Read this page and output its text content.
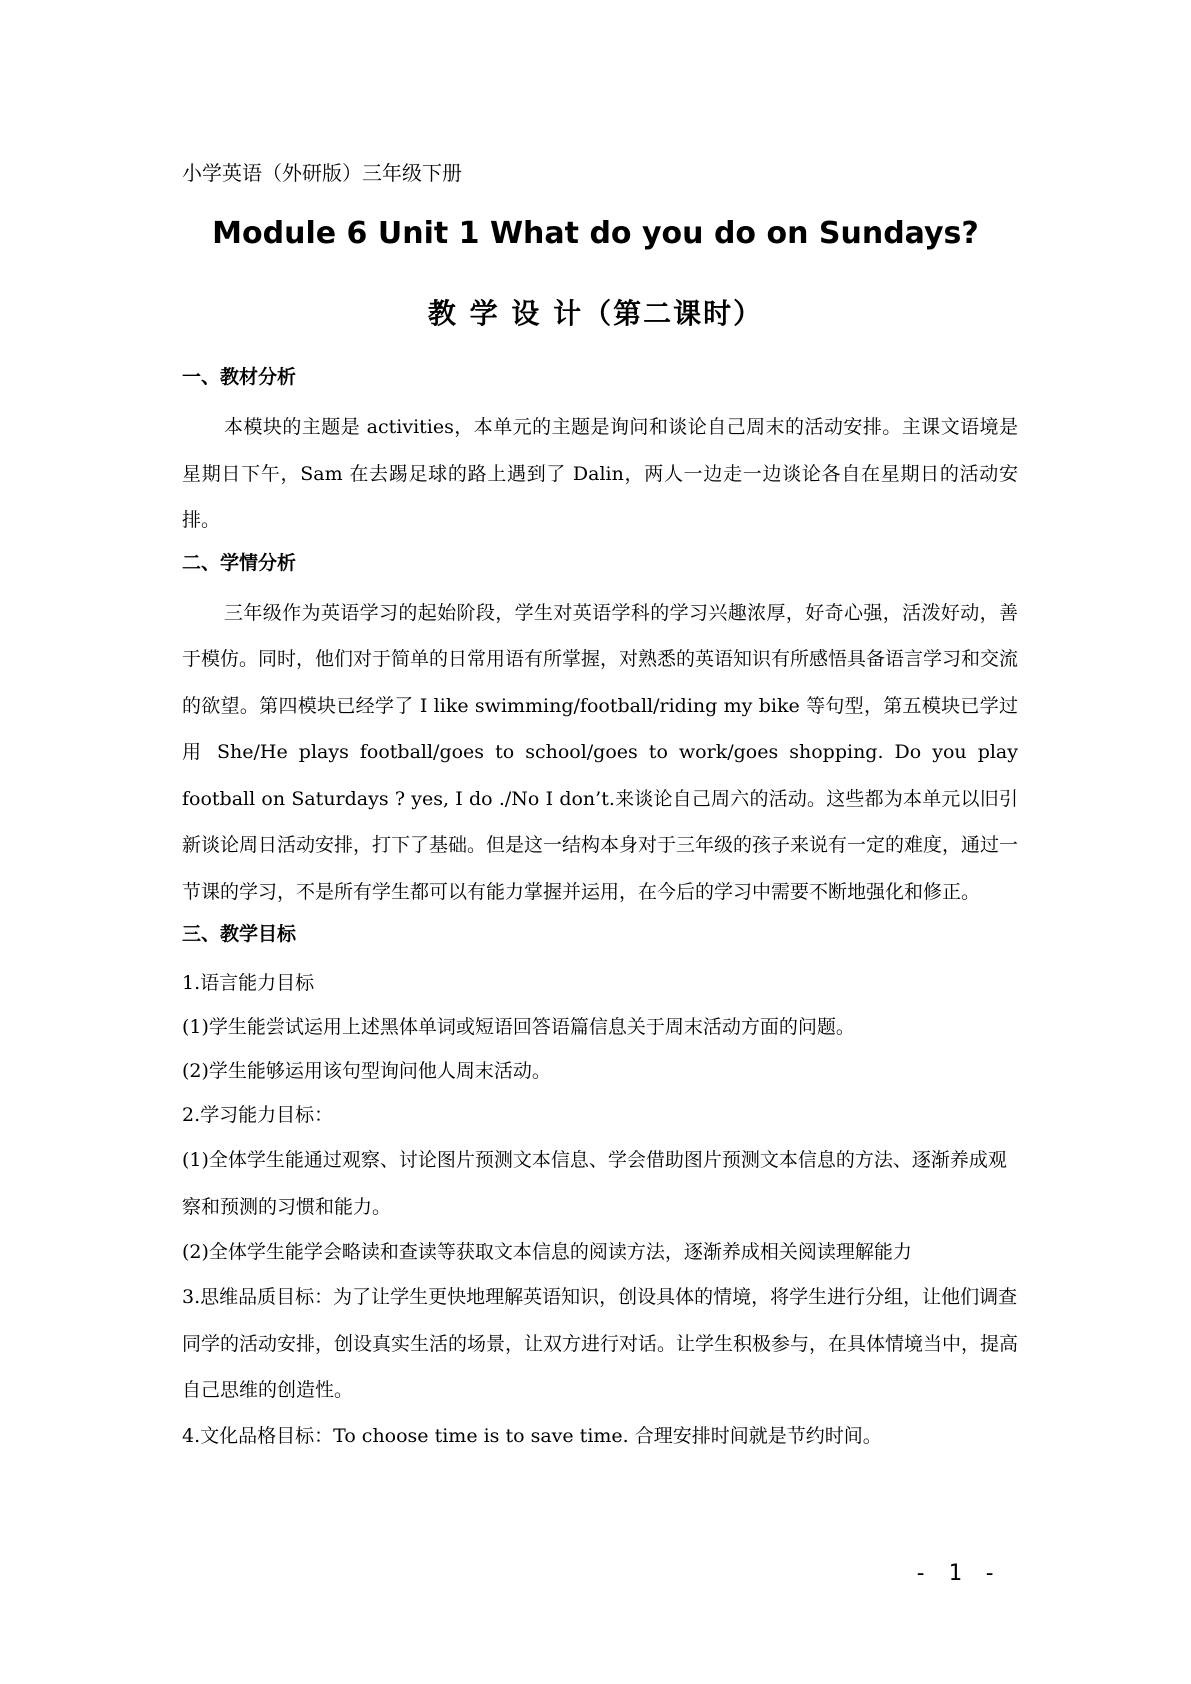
小学英语（外研版）三年级下册
Module 6 Unit 1 What do you do on Sundays?
教 学 设 计（第二课时）
一、教材分析

本模块的主题是 activities，本单元的主题是询问和谈论自己周末的活动安排。主课文语境是星期日下午，Sam 在去踢足球的路上遇到了 Dalin，两人一边走一边谈论各自在星期日的活动安排。

二、学情分析

三年级作为英语学习的起始阶段，学生对英语学科的学习兴趣浓厚，好奇心强，活泼好动，善于模仿。同时，他们对于简单的日常用语有所掌握，对熟悉的英语知识有所感悟具备语言学习和交流的欲望。第四模块已经学了 I like swimming/football/riding my bike 等句型，第五模块已学过用 She/He plays football/goes to school/goes to work/goes shopping. Do you play football on Saturdays ? yes, I do ./No I don’t.来谈论自己周六的活动。这些都为本单元以旧引新谈论周日活动安排，打下了基础。但是这一结构本身对于三年级的孩子来说有一定的难度，通过一节课的学习，不是所有学生都可以有能力掌握并运用，在今后的学习中需要不断地强化和修正。

三、教学目标

1.语言能力目标

(1)学生能尝试运用上述黑体单词或短语回答语篇信息关于周末活动方面的问题。

(2)学生能够运用该句型询问他人周末活动。

2.学习能力目标：

(1)全体学生能通过观察、讨论图片预测文本信息、学会借助图片预测文本信息的方法、逐渐养成观察和预测的习惯和能力。

(2)全体学生能学会略读和查读等获取文本信息的阅读方法，逐渐养成相关阅读理解能力

3.思维品质目标：为了让学生更快地理解英语知识，创设具体的情境，将学生进行分组，让他们调查同学的活动安排，创设真实生活的场景，让双方进行对话。让学生积极参与，在具体情境当中，提高自己思维的创造性。

4.文化品格目标：To choose time is to save time. 合理安排时间就是节约时间。

- 1 -
